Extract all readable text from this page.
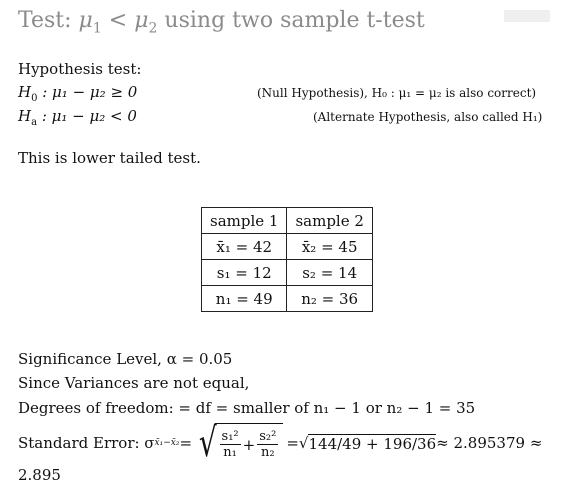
Test: $\mu_1 < \mu_2$ using two sample t-test
Hypothesis test:
$H_0$ : μ₁ − μ₂ ≥ 0	(Null Hypothesis), H₀ : μ₁ = μ₂ is also correct)
$H_a$ : μ₁ − μ₂ < 0	(Alternate Hypothesis, also called H₁)
This is lower tailed test.
sample 1	sample 2
x̄₁ = 42	x̄₂ = 45
s₁ = 12	s₂ = 14
n₁ = 49	n₂ = 36
Significance Level, α = 0.05
Since Variances are not equal,
Degrees of freedom: = df = smaller of n₁ − 1 or n₂ − 1 = 35
Standard Error: σ x̄₁−x̄₂ = √ $\frac{\text{s₁²}}{\text{n₁}} + \frac{\text{s₂²}}{\text{n₂}}$ = √ 144/49 + 196/36 ≈ 2.895379 ≈
2.895
